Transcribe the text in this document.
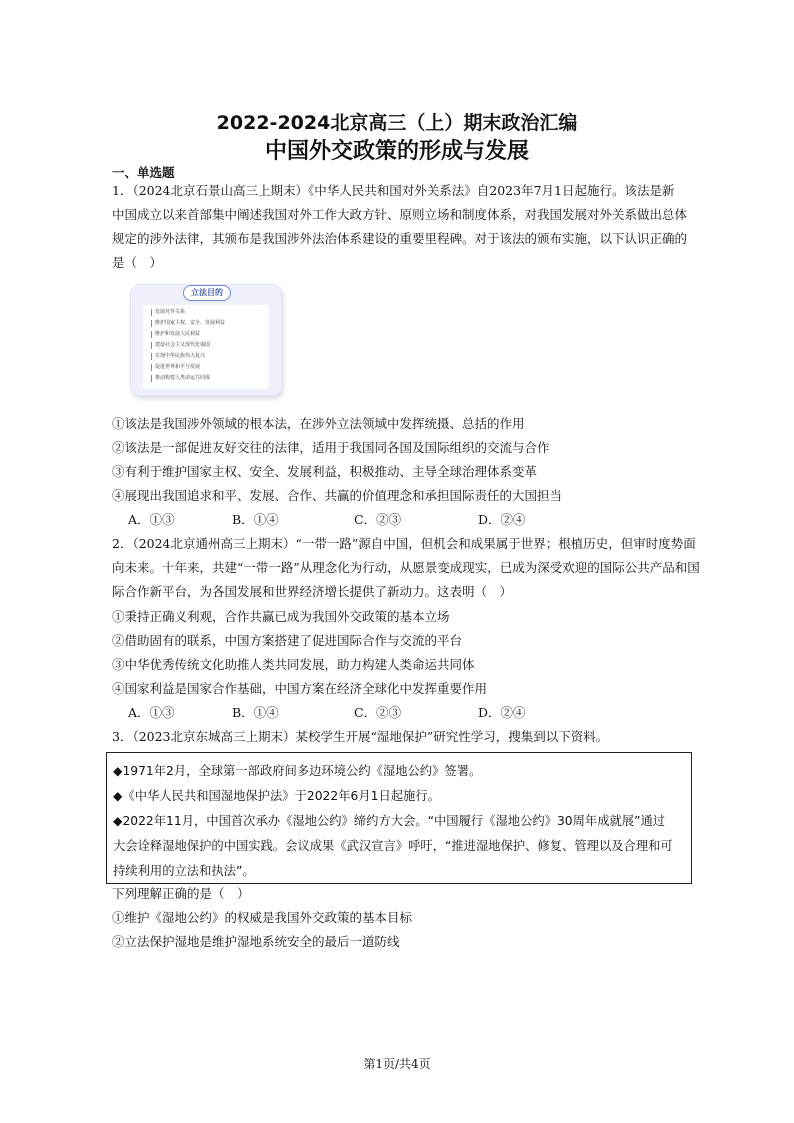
2022-2024北京高三（上）期末政治汇编
中国外交政策的形成与发展
一、单选题
1．（2024北京石景山高三上期末）《中华人民共和国对外关系法》自2023年7月1日起施行。该法是新
中国成立以来首部集中阐述我国对外工作大政方针、原则立场和制度体系，对我国发展对外关系做出总体
规定的涉外法律，其颁布是我国涉外法治体系建设的重要里程碑。对于该法的颁布实施，以下认识正确的
是（　）
立法目的
发展对外关系
维护国家主权、安全、发展利益
维护和发展人民利益
建设社会主义现代化强国
实现中华民族伟大复兴
促进世界和平与发展
推动构建人类命运共同体
①该法是我国涉外领域的根本法，在涉外立法领域中发挥统摄、总括的作用
②该法是一部促进友好交往的法律，适用于我国同各国及国际组织的交流与合作
③有利于维护国家主权、安全、发展利益，积极推动、主导全球治理体系变革
④展现出我国追求和平、发展、合作、共赢的价值理念和承担国际责任的大国担当
A．①③	B．①④	C．②③	D．②④
2．（2024北京通州高三上期末）“一带一路”源自中国，但机会和成果属于世界；根植历史，但审时度势面
向未来。十年来，共建“一带一路”从理念化为行动，从愿景变成现实，已成为深受欢迎的国际公共产品和国
际合作新平台，为各国发展和世界经济增长提供了新动力。这表明（　）
①秉持正确义利观，合作共赢已成为我国外交政策的基本立场
②借助固有的联系，中国方案搭建了促进国际合作与交流的平台
③中华优秀传统文化助推人类共同发展，助力构建人类命运共同体
④国家利益是国家合作基础，中国方案在经济全球化中发挥重要作用
A．①③	B．①④	C．②③	D．②④
3．（2023北京东城高三上期末）某校学生开展“湿地保护”研究性学习，搜集到以下资料。
◆1971年2月，全球第一部政府间多边环境公约《湿地公约》签署。
◆《中华人民共和国湿地保护法》于2022年6月1日起施行。
◆2022年11月，中国首次承办《湿地公约》缔约方大会。“中国履行《湿地公约》30周年成就展”通过
大会诠释湿地保护的中国实践。会议成果《武汉宣言》呼吁，“推进湿地保护、修复、管理以及合理和可
持续利用的立法和执法”。
下列理解正确的是（　）
①维护《湿地公约》的权威是我国外交政策的基本目标
②立法保护湿地是维护湿地系统安全的最后一道防线
第1页/共4页
